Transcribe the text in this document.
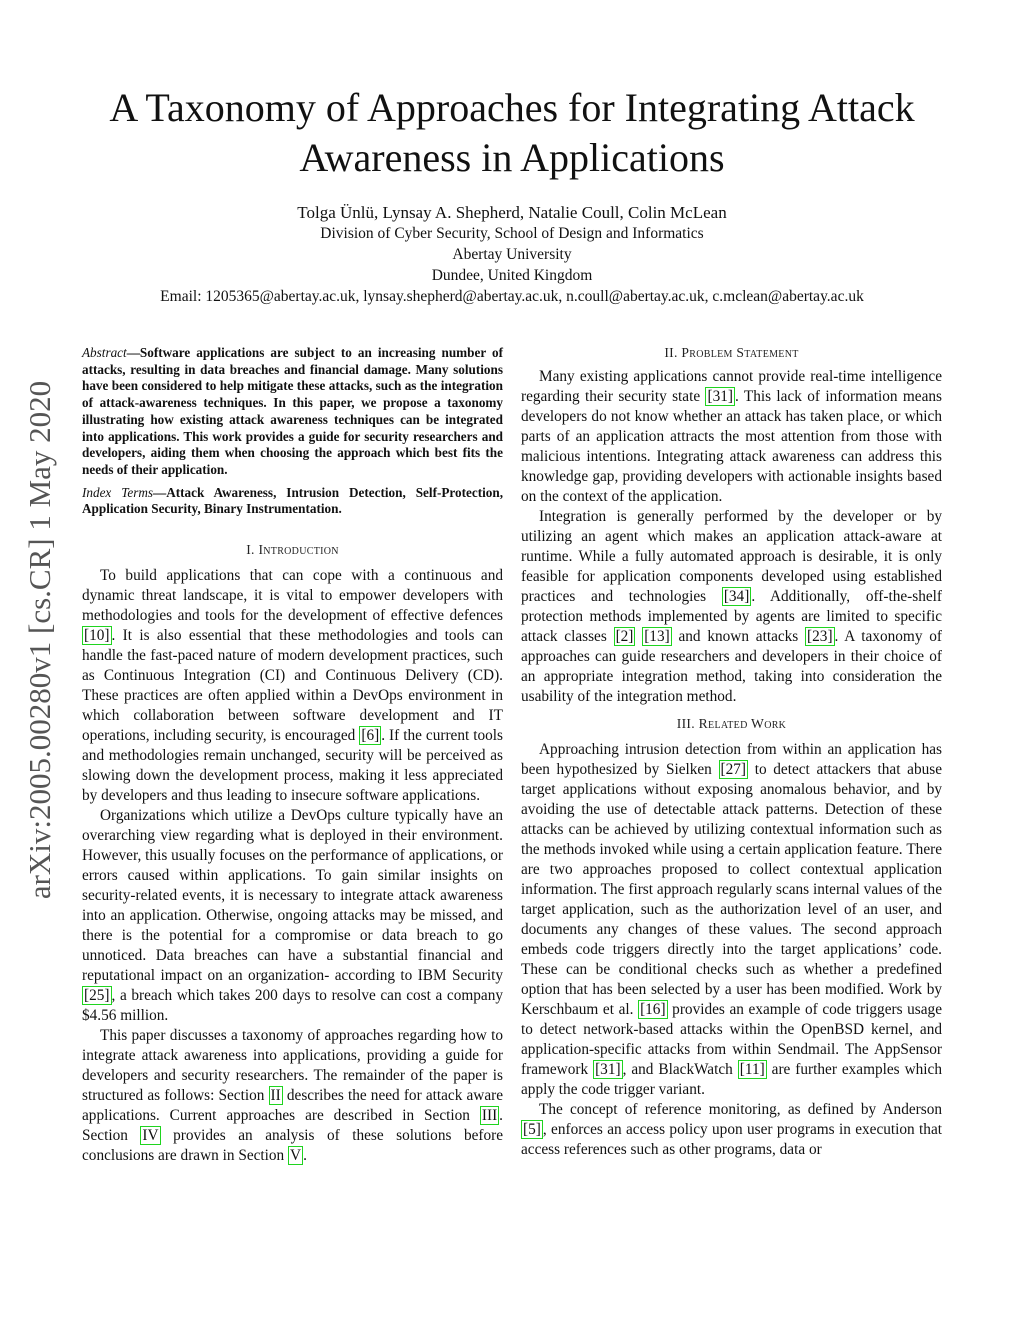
A Taxonomy of Approaches for Integrating Attack
Awareness in Applications
Tolga Ünlü, Lynsay A. Shepherd, Natalie Coull, Colin McLean
Division of Cyber Security, School of Design and Informatics
Abertay University
Dundee, United Kingdom
Email: 1205365@abertay.ac.uk, lynsay.shepherd@abertay.ac.uk, n.coull@abertay.ac.uk, c.mclean@abertay.ac.uk
arXiv:2005.00280v1 [cs.CR] 1 May 2020

Abstract—Software applications are subject to an increasing number of attacks, resulting in data breaches and financial damage. Many solutions have been considered to help mitigate these attacks, such as the integration of attack-awareness techniques. In this paper, we propose a taxonomy illustrating how existing attack awareness techniques can be integrated into applications. This work provides a guide for security researchers and developers, aiding them when choosing the approach which best fits the needs of their application.

Index Terms—Attack Awareness, Intrusion Detection, Self-Protection, Application Security, Binary Instrumentation.

I. Introduction

To build applications that can cope with a continuous and dynamic threat landscape, it is vital to empower developers with methodologies and tools for the development of effective defences [10] . It is also essential that these methodologies and tools can handle the fast-paced nature of modern development practices, such as Continuous Integration (CI) and Continuous Delivery (CD). These practices are often applied within a DevOps environment in which collaboration between software development and IT operations, including security, is encouraged [6] . If the current tools and methodologies remain unchanged, security will be perceived as slowing down the development process, making it less appreciated by developers and thus leading to insecure software applications.

Organizations which utilize a DevOps culture typically have an overarching view regarding what is deployed in their environment. However, this usually focuses on the performance of applications, or errors caused within applications. To gain similar insights on security-related events, it is necessary to integrate attack awareness into an application. Otherwise, ongoing attacks may be missed, and there is the potential for a compromise or data breach to go unnoticed. Data breaches can have a substantial financial and reputational impact on an organization- according to IBM Security [25] , a breach which takes 200 days to resolve can cost a company $4.56 million.

This paper discusses a taxonomy of approaches regarding how to integrate attack awareness into applications, providing a guide for developers and security researchers. The remainder of the paper is structured as follows: Section II describes the need for attack aware applications. Current approaches are described in Section III . Section IV provides an analysis of these solutions before conclusions are drawn in Section V .

II. Problem Statement

Many existing applications cannot provide real-time intelligence regarding their security state [31] . This lack of information means developers do not know whether an attack has taken place, or which parts of an application attracts the most attention from those with malicious intentions. Integrating attack awareness can address this knowledge gap, providing developers with actionable insights based on the context of the application.

Integration is generally performed by the developer or by utilizing an agent which makes an application attack-aware at runtime. While a fully automated approach is desirable, it is only feasible for application components developed using established practices and technologies [34] . Additionally, off-the-shelf protection methods implemented by agents are limited to specific attack classes [2] [13] and known attacks [23] . A taxonomy of approaches can guide researchers and developers in their choice of an appropriate integration method, taking into consideration the usability of the integration method.

III. Related Work

Approaching intrusion detection from within an application has been hypothesized by Sielken [27] to detect attackers that abuse target applications without exposing anomalous behavior, and by avoiding the use of detectable attack patterns. Detection of these attacks can be achieved by utilizing contextual information such as the methods invoked while using a certain application feature. There are two approaches proposed to collect contextual application information. The first approach regularly scans internal values of the target application, such as the authorization level of an user, and documents any changes of these values. The second approach embeds code triggers directly into the target applications’ code. These can be conditional checks such as whether a predefined option that has been selected by a user has been modified. Work by Kerschbaum et al. [16] provides an example of code triggers usage to detect network-based attacks within the OpenBSD kernel, and application-specific attacks from within Sendmail. The AppSensor framework [31] , and BlackWatch [11] are further examples which apply the code trigger variant.

The concept of reference monitoring, as defined by Anderson [5] , enforces an access policy upon user programs in execution that access references such as other programs, data or
